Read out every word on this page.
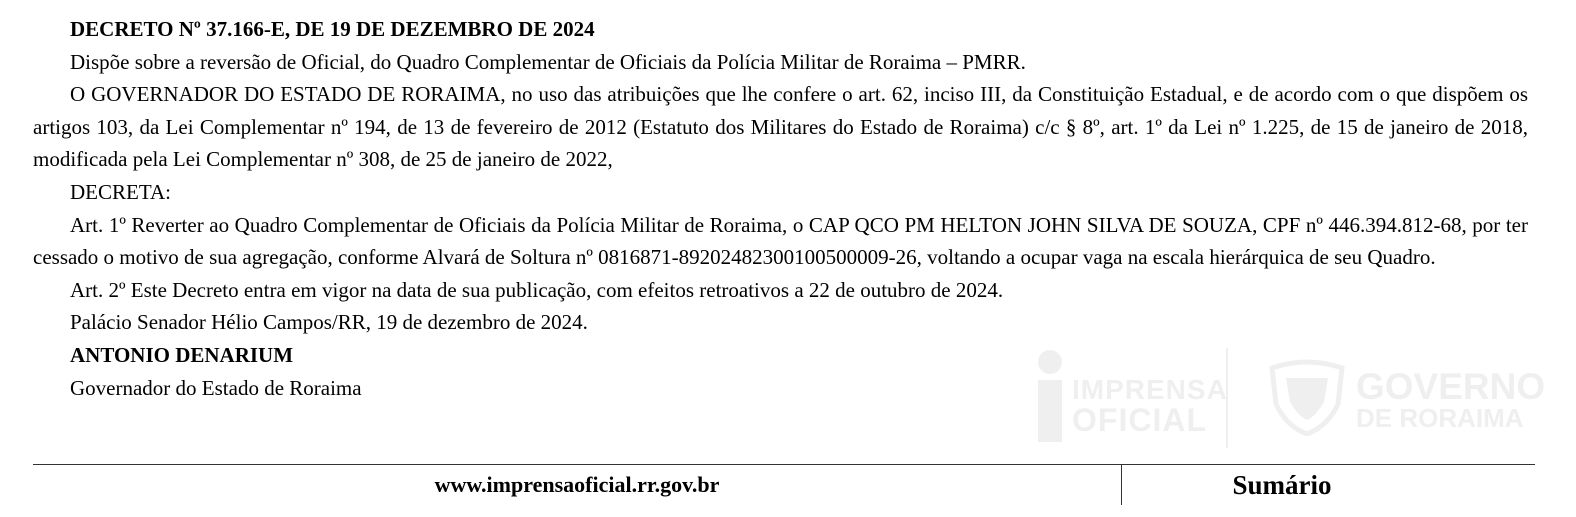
DECRETO Nº 37.166-E, DE 19 DE DEZEMBRO DE 2024

Dispõe sobre a reversão de Oficial, do Quadro Complementar de Oficiais da Polícia Militar de Roraima – PMRR.

O GOVERNADOR DO ESTADO DE RORAIMA, no uso das atribuições que lhe confere o art. 62, inciso III, da Constituição Estadual, e de acordo com o que dispõem os artigos 103, da Lei Complementar nº 194, de 13 de fevereiro de 2012 (Estatuto dos Militares do Estado de Roraima) c/c § 8º, art. 1º da Lei nº 1.225, de 15 de janeiro de 2018, modificada pela Lei Complementar nº 308, de 25 de janeiro de 2022,

DECRETA:

Art. 1º Reverter ao Quadro Complementar de Oficiais da Polícia Militar de Roraima, o CAP QCO PM HELTON JOHN SILVA DE SOUZA, CPF nº 446.394.812-68, por ter cessado o motivo de sua agregação, conforme Alvará de Soltura nº 0816871-89202482300100500009-26, voltando a ocupar vaga na escala hierárquica de seu Quadro.

Art. 2º Este Decreto entra em vigor na data de sua publicação, com efeitos retroativos a 22 de outubro de 2024.

Palácio Senador Hélio Campos/RR, 19 de dezembro de 2024.

ANTONIO DENARIUM

Governador do Estado de Roraima	IMPRENSA
OFICIAL
GOVERNO
DE RORAIMA
www.imprensaoficial.rr.gov.br	Sumário
